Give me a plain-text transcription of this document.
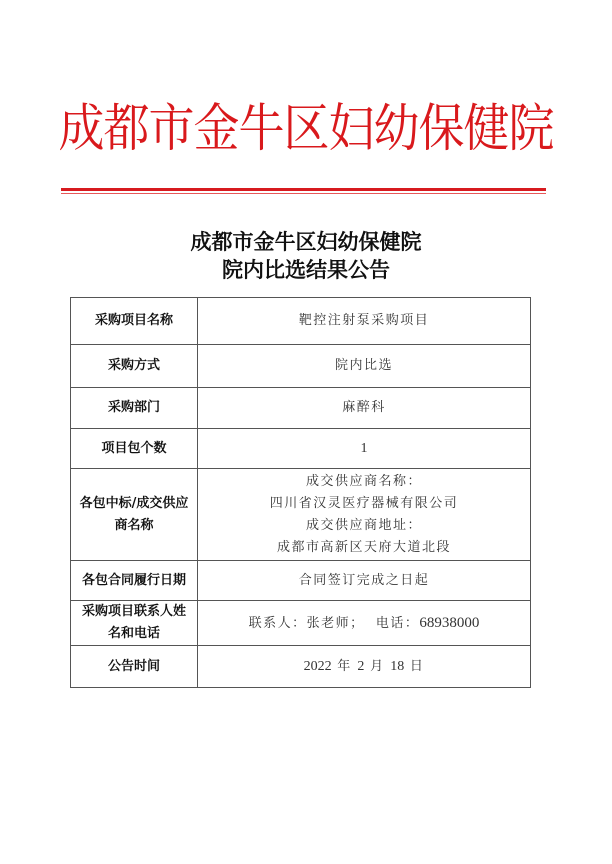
成都市金牛区妇幼保健院
成都市金牛区妇幼保健院
院内比选结果公告
采购项目名称	靶控注射泵采购项目
采购方式	院内比选
采购部门	麻醉科
项目包个数	1
各包中标/成交供应商名称	成交供应商名称：
四川省汉灵医疗器械有限公司
成交供应商地址：
成都市高新区天府大道北段

各包合同履行日期	合同签订完成之日起
采购项目联系人姓名和电话	联系人：张老师； 电话：68938000
公告时间	2022 年 2 月 18 日
